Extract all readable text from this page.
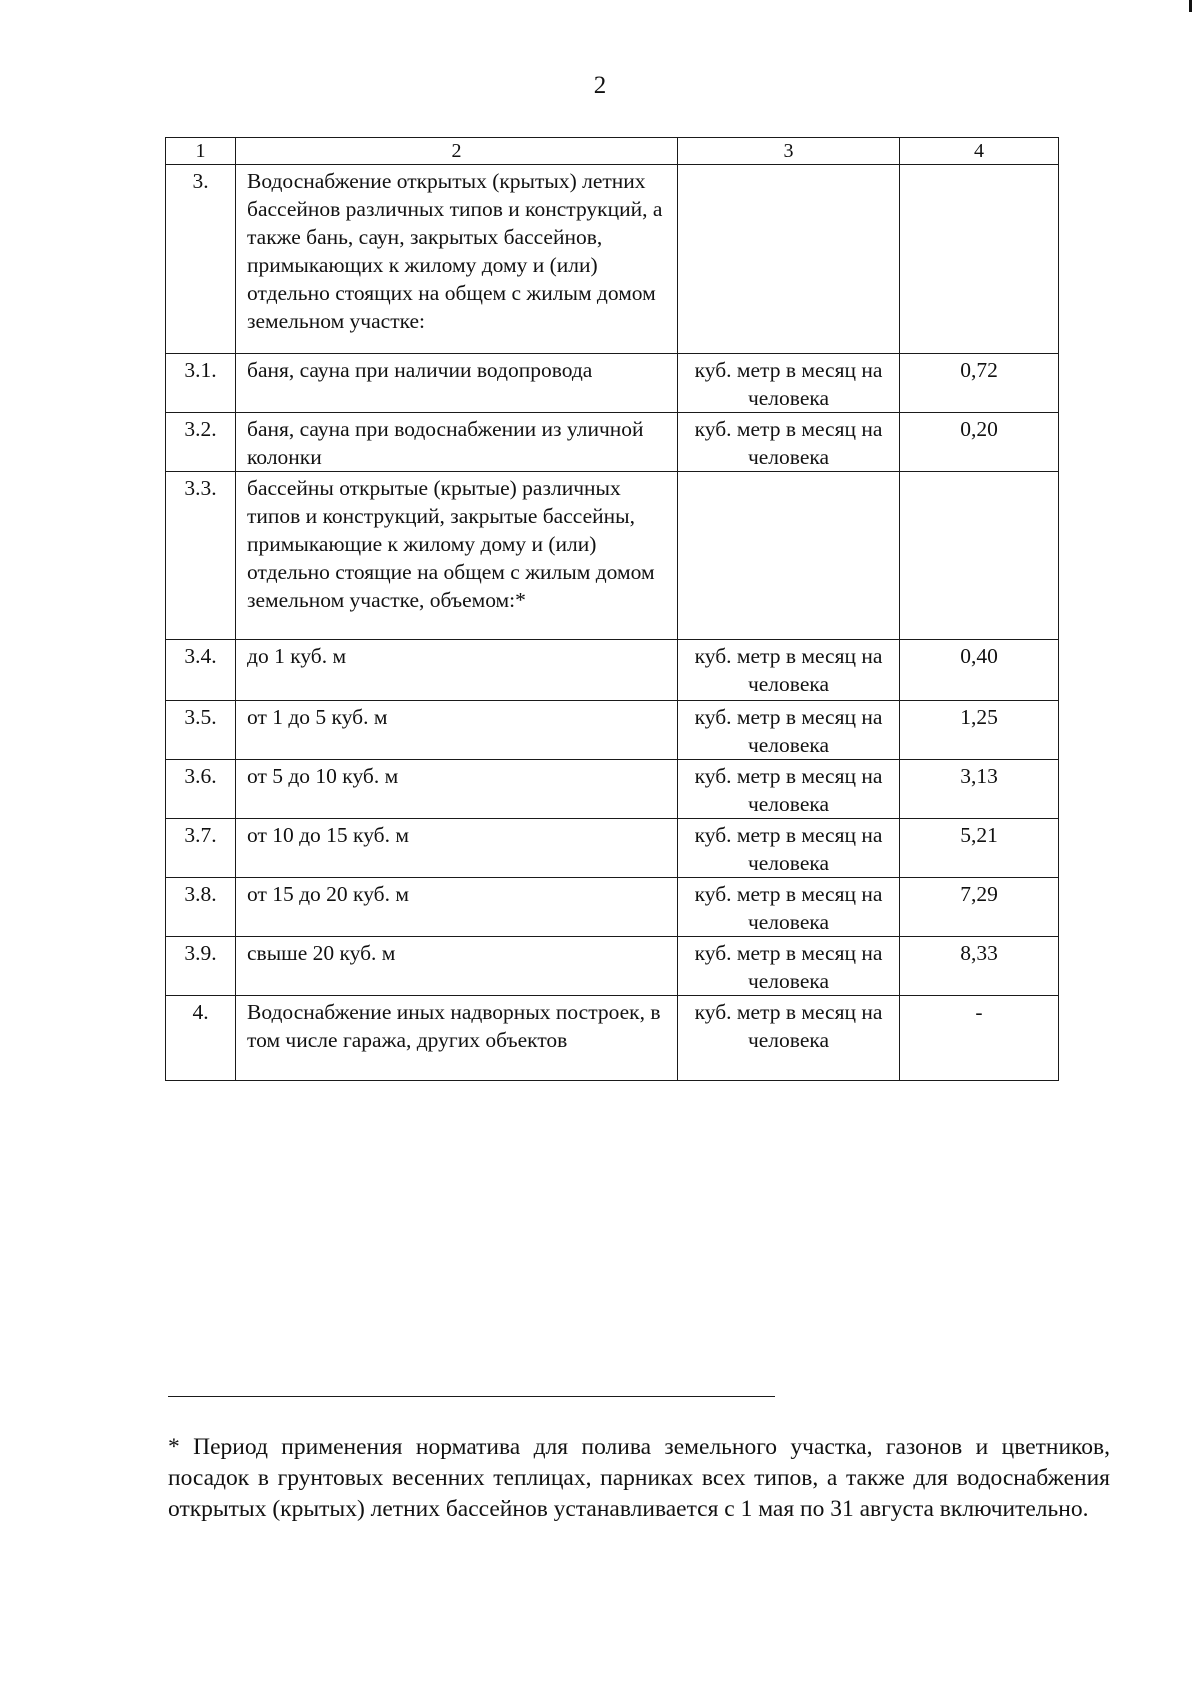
2
1	2	3	4
3.	Водоснабжение открытых (крытых) летних бассейнов различных типов и конструкций, а также бань, саун, закрытых бассейнов, примыкающих к жилому дому и (или) отдельно стоящих на общем с жилым домом земельном участке:		
3.1.	баня, сауна при наличии водопровода	куб. метр в месяц на человека	0,72
3.2.	баня, сауна при водоснабжении из уличной колонки	куб. метр в месяц на человека	0,20
3.3.	бассейны открытые (крытые) различных типов и конструкций, закрытые бассейны, примыкающие к жилому дому и (или) отдельно стоящие на общем с жилым домом земельном участке, объемом:*		
3.4.	до 1 куб. м	куб. метр в месяц на человека	0,40
3.5.	от 1 до 5 куб. м	куб. метр в месяц на человека	1,25
3.6.	от 5 до 10 куб. м	куб. метр в месяц на человека	3,13
3.7.	от 10 до 15 куб. м	куб. метр в месяц на человека	5,21
3.8.	от 15 до 20 куб. м	куб. метр в месяц на человека	7,29
3.9.	свыше 20 куб. м	куб. метр в месяц на человека	8,33
4.	Водоснабжение иных надворных построек, в том числе гаража, других объектов	куб. метр в месяц на человека	-
* Период применения норматива для полива земельного участка, газонов и цветников, посадок в грунтовых весенних теплицах, парниках всех типов, а также для водоснабжения открытых (крытых) летних бассейнов устанавливается с 1 мая по 31 августа включительно.
